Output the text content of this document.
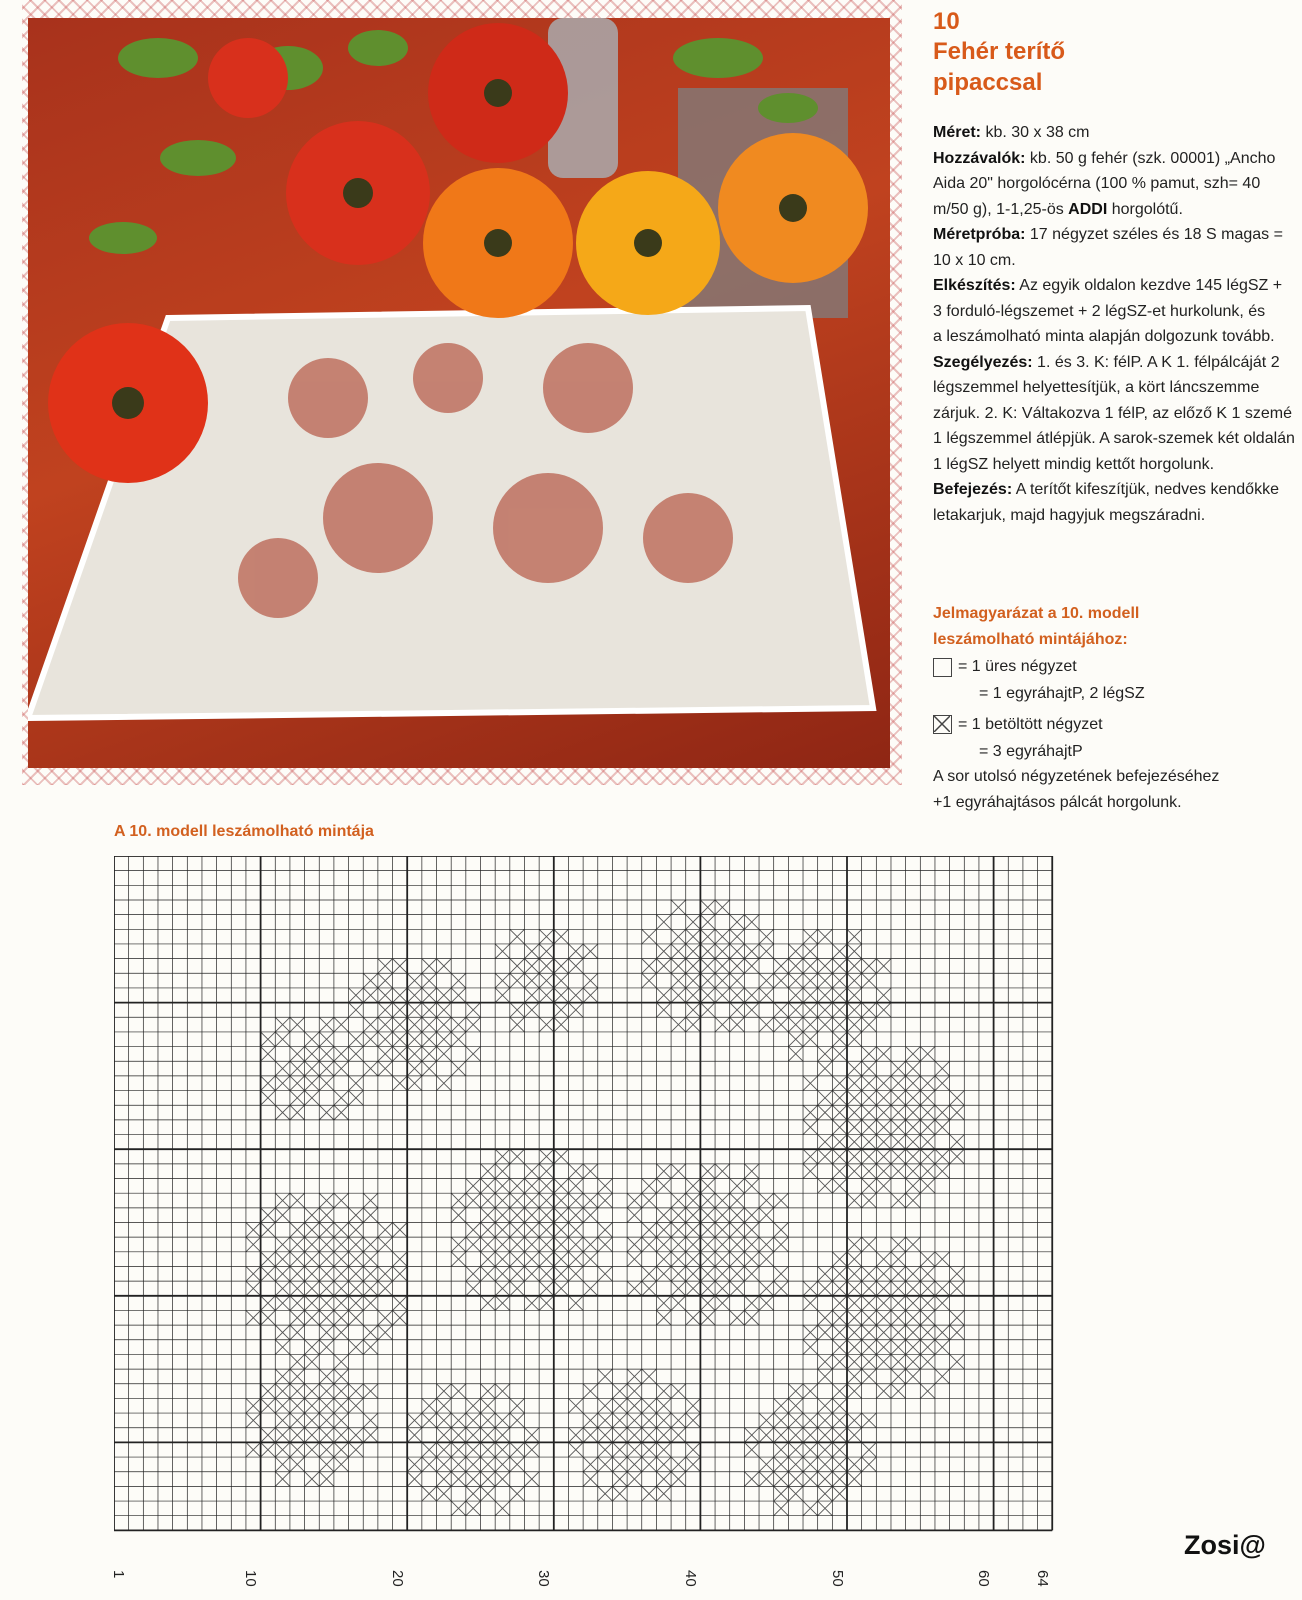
10

Fehér terítő
pipaccsal

Méret: kb. 30 x 38 cm

Hozzávalók: kb. 50 g fehér (szk. 00001) „Ancho
Aida 20" horgolócérna (100 % pamut, szh= 40
m/50 g), 1-1,25-ös ADDI horgolótű.

Méretpróba: 17 négyzet széles és 18 S magas =
10 x 10 cm.

Elkészítés: Az egyik oldalon kezdve 145 légSZ +
3 forduló-légszemet + 2 légSZ-et hurkolunk, és
a leszámolható minta alapján dolgozunk tovább.

Szegélyezés: 1. és 3. K: félP. A K 1. félpálcáját 2
légszemmel helyettesítjük, a kört láncszemme
zárjuk. 2. K: Váltakozva 1 félP, az előző K 1 szemé
1 légszemmel átlépjük. A sarok-szemek két oldalán
1 légSZ helyett mindig kettőt horgolunk.

Befejezés: A terítőt kifeszítjük, nedves kendőkke
letakarjuk, majd hagyjuk megszáradni.

Jelmagyarázat a 10. modell
leszámolható mintájához:
= 1 üres négyzet
= 1 egyráhajtP, 2 légSZ
= 1 betöltött négyzet
= 3 egyráhajtP
A sor utolsó négyzetének befejezéséhez
+1 egyráhajtásos pálcát horgolunk.
A 10. modell leszámolható mintája
1	10	20	30	40	50	60	64
Zosi@
